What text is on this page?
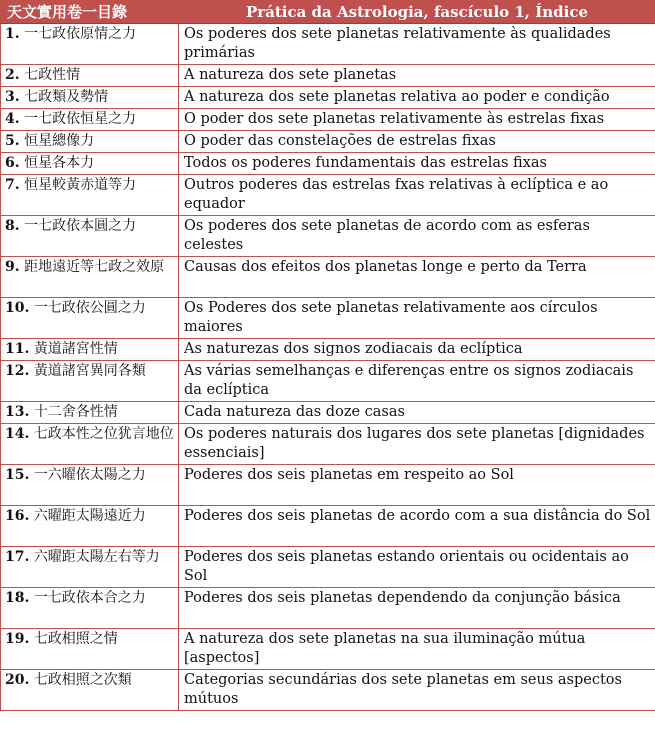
天文實用卷一目錄	Prática da Astrologia, fascículo 1, Índice
1. 一七政依原情之力	Os poderes dos sete planetas relativamente às qualidades primárias
2. 七政性情	A natureza dos sete planetas
3. 七政類及勢情	A natureza dos sete planetas relativa ao poder e condição
4. 一七政依恒星之力	O poder dos sete planetas relativamente às estrelas fixas
5. 恒星總像力	O poder das constelações de estrelas fixas
6. 恒星各本力	Todos os poderes fundamentais das estrelas fixas
7. 恒星較黃赤道等力	Outros poderes das estrelas fxas relativas à eclíptica e ao equador
8. 一七政依本圓之力	Os poderes dos sete planetas de acordo com as esferas celestes
9. 距地遠近等七政之效原	Causas dos efeitos dos planetas longe e perto da Terra
10. 一七政依公圓之力	Os Poderes dos sete planetas relativamente aos círculos maiores
11. 黃道諸宮性情	As naturezas dos signos zodiacais da eclíptica
12. 黃道諸宮異同各類	As várias semelhanças e diferenças entre os signos zodiacais da eclíptica
13. 十二舍各性情	Cada natureza das doze casas
14. 七政本性之位犹言地位	Os poderes naturais dos lugares dos sete planetas [dignidades essenciais]
15. 一六曜依太陽之力	Poderes dos seis planetas em respeito ao Sol
16. 六曜距太陽遠近力	Poderes dos seis planetas de acordo com a sua distância do Sol
17. 六曜距太陽左右等力	Poderes dos seis planetas estando orientais ou ocidentais ao Sol
18. 一七政依本合之力	Poderes dos seis planetas dependendo da conjunção básica
19. 七政相照之情	A natureza dos sete planetas na sua iluminação mútua [aspectos]
20. 七政相照之次類	Categorias secundárias dos sete planetas em seus aspectos mútuos
